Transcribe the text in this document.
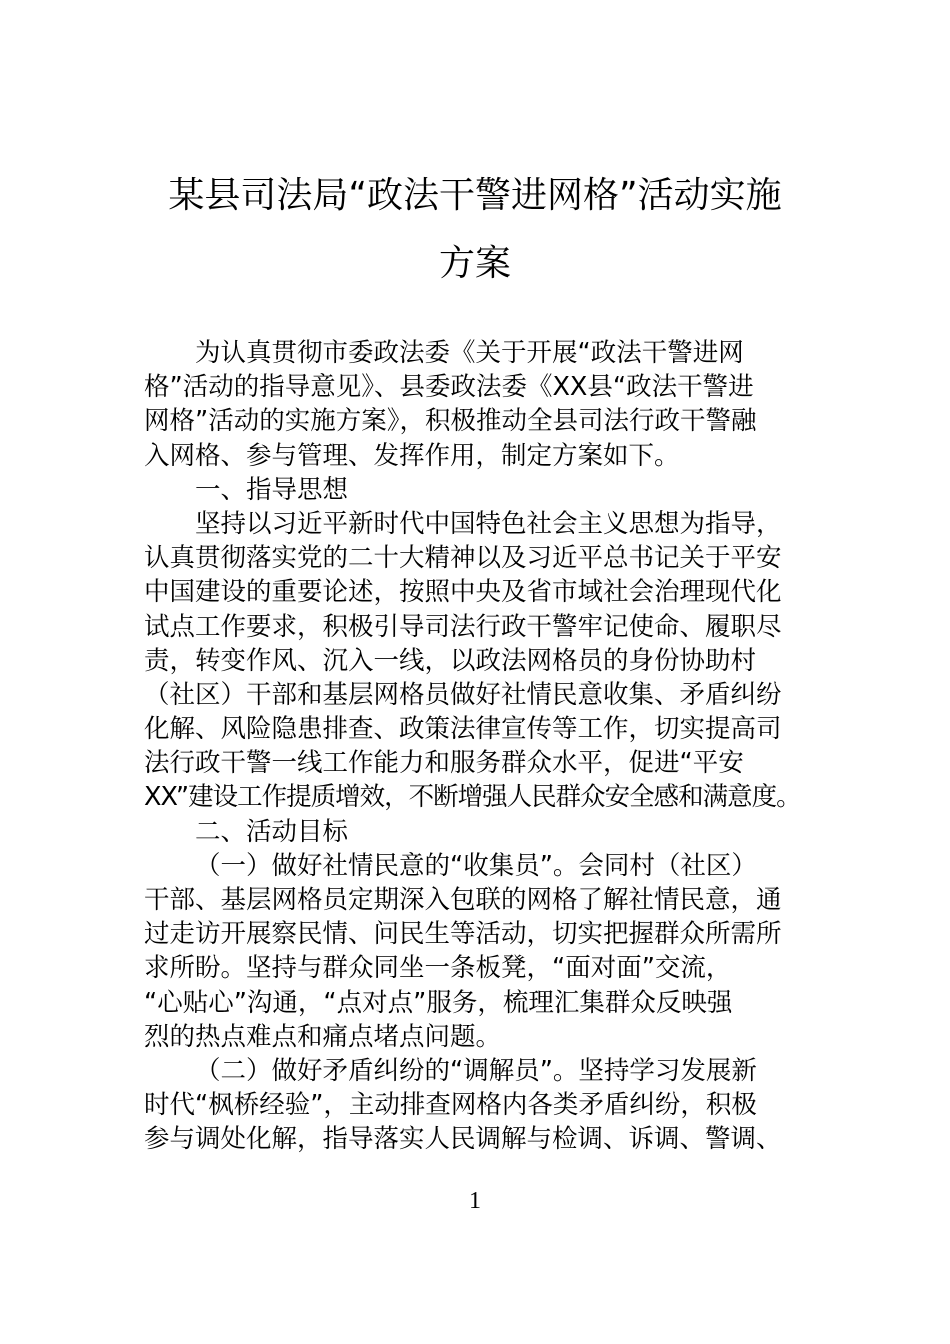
某县司法局“政法干警进网格”活动实施
方案
为认真贯彻市委政法委《关于开展“政法干警进网
格”活动的指导意见》、县委政法委《XX县“政法干警进
网格”活动的实施方案》，积极推动全县司法行政干警融
入网格、参与管理、发挥作用，制定方案如下。
一、指导思想
坚持以习近平新时代中国特色社会主义思想为指导，
认真贯彻落实党的二十大精神以及习近平总书记关于平安
中国建设的重要论述，按照中央及省市域社会治理现代化
试点工作要求，积极引导司法行政干警牢记使命、履职尽
责，转变作风、沉入一线，以政法网格员的身份协助村
（社区）干部和基层网格员做好社情民意收集、矛盾纠纷
化解、风险隐患排查、政策法律宣传等工作，切实提高司
法行政干警一线工作能力和服务群众水平，促进“平安
XX”建设工作提质增效，不断增强人民群众安全感和满意度。
二、活动目标
（一）做好社情民意的“收集员”。会同村（社区）
干部、基层网格员定期深入包联的网格了解社情民意，通
过走访开展察民情、问民生等活动，切实把握群众所需所
求所盼。坚持与群众同坐一条板凳，“面对面”交流，
“心贴心”沟通，“点对点”服务，梳理汇集群众反映强
烈的热点难点和痛点堵点问题。
（二）做好矛盾纠纷的“调解员”。坚持学习发展新
时代“枫桥经验”，主动排查网格内各类矛盾纠纷，积极
参与调处化解，指导落实人民调解与检调、诉调、警调、
1
